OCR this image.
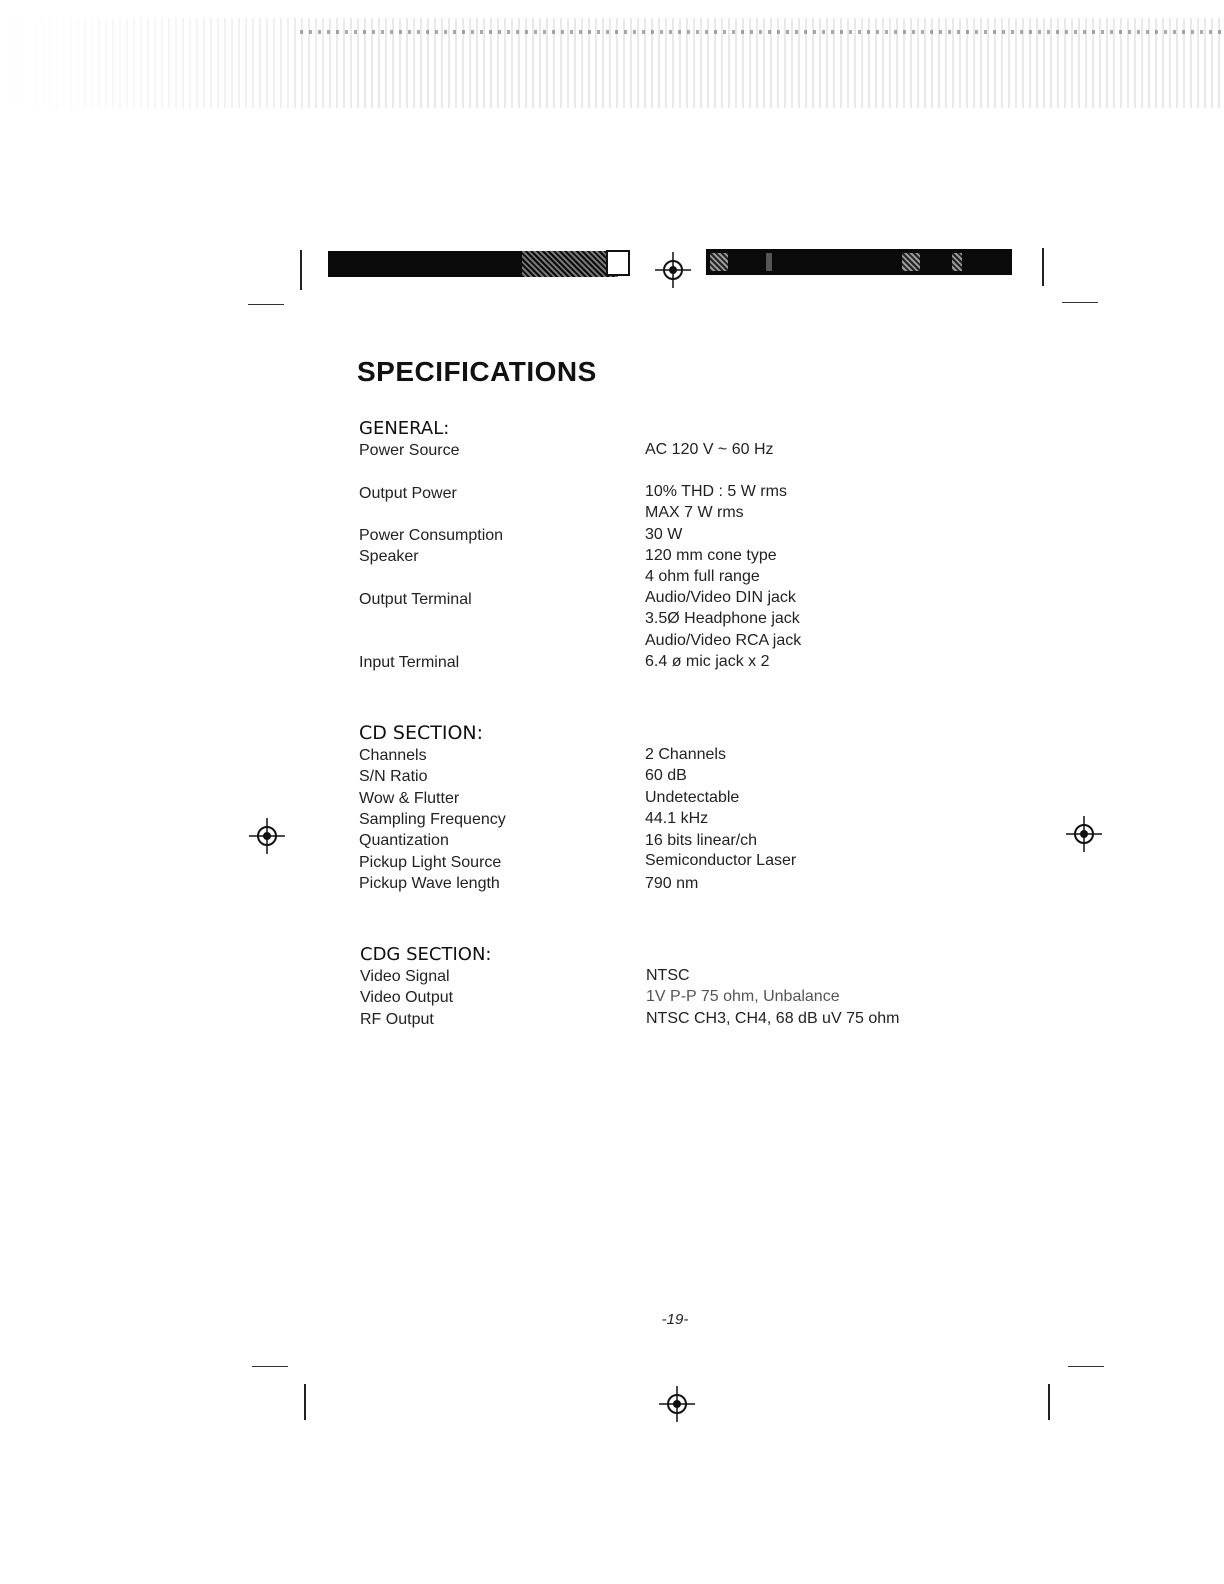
SPECIFICATIONS
GENERAL:
Power Source	AC 120 V ~ 60 Hz
Output Power	10% THD : 5 W rms
MAX 7 W rms
Power Consumption	30 W
Speaker	120 mm cone type
4 ohm full range
Output Terminal	Audio/Video DIN jack
3.5Ø Headphone jack
Audio/Video RCA jack
Input Terminal	6.4 ø mic jack x 2
CD SECTION:
Channels	2 Channels
S/N Ratio	60 dB
Wow & Flutter	Undetectable
Sampling Frequency	44.1 kHz
Quantization	16 bits linear/ch
Pickup Light Source	Semiconductor Laser
Pickup Wave length	790 nm
CDG SECTION:
Video Signal	NTSC
Video Output	1V P-P 75 ohm, Unbalance
RF Output	NTSC CH3, CH4, 68 dB uV 75 ohm
-19-
